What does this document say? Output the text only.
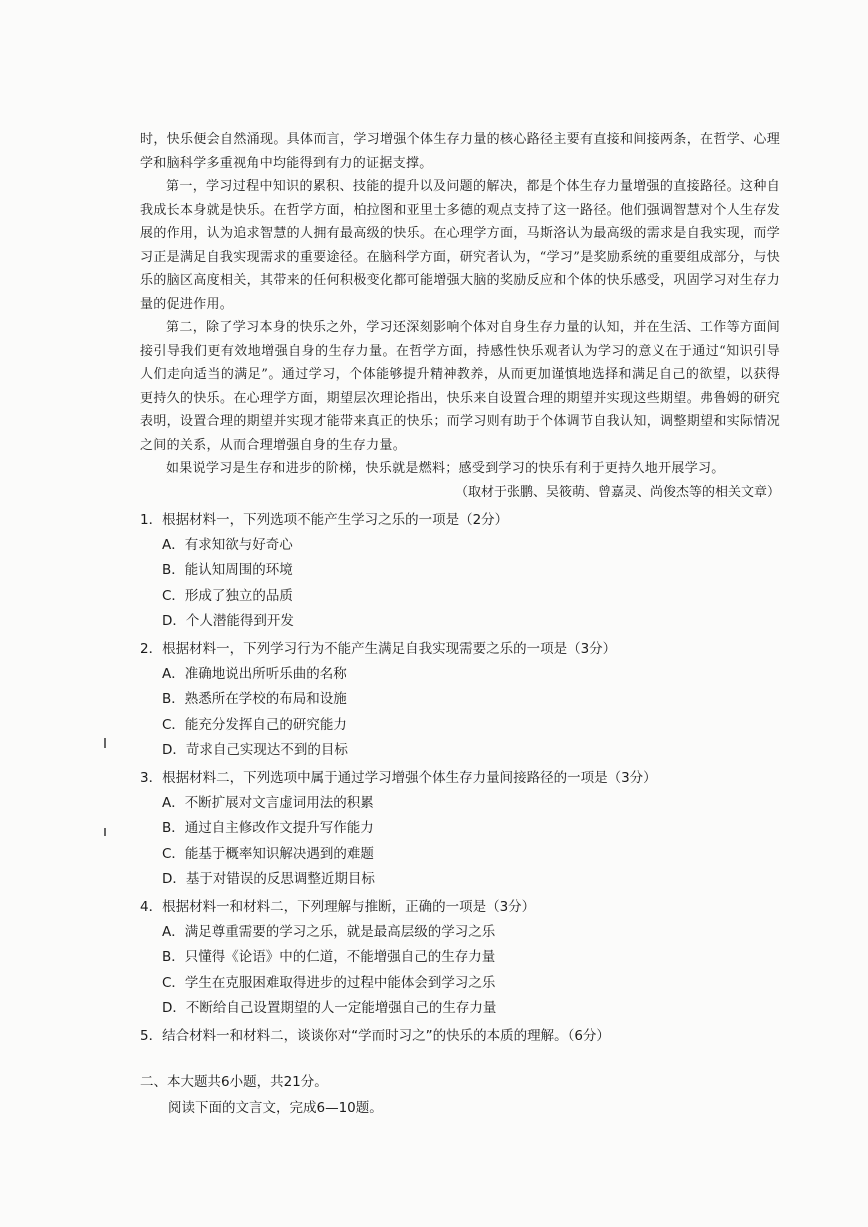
时，快乐便会自然涌现。具体而言，学习增强个体生存力量的核心路径主要有直接和间接两条，在哲学、心理学和脑科学多重视角中均能得到有力的证据支撑。

第一，学习过程中知识的累积、技能的提升以及问题的解决，都是个体生存力量增强的直接路径。这种自我成长本身就是快乐。在哲学方面，柏拉图和亚里士多德的观点支持了这一路径。他们强调智慧对个人生存发展的作用，认为追求智慧的人拥有最高级的快乐。在心理学方面，马斯洛认为最高级的需求是自我实现，而学习正是满足自我实现需求的重要途径。在脑科学方面，研究者认为，“学习”是奖励系统的重要组成部分，与快乐的脑区高度相关，其带来的任何积极变化都可能增强大脑的奖励反应和个体的快乐感受，巩固学习对生存力量的促进作用。

第二，除了学习本身的快乐之外，学习还深刻影响个体对自身生存力量的认知，并在生活、工作等方面间接引导我们更有效地增强自身的生存力量。在哲学方面，持感性快乐观者认为学习的意义在于通过“知识引导人们走向适当的满足”。通过学习，个体能够提升精神教养，从而更加谨慎地选择和满足自己的欲望，以获得更持久的快乐。在心理学方面，期望层次理论指出，快乐来自设置合理的期望并实现这些期望。弗鲁姆的研究表明，设置合理的期望并实现才能带来真正的快乐；而学习则有助于个体调节自我认知，调整期望和实际情况之间的关系，从而合理增强自身的生存力量。

如果说学习是生存和进步的阶梯，快乐就是燃料；感受到学习的快乐有利于更持久地开展学习。

（取材于张鹏、吴筱萌、曾嘉灵、尚俊杰等的相关文章）

1．根据材料一，下列选项不能产生学习之乐的一项是（2分）
A．有求知欲与好奇心
B．能认知周围的环境
C．形成了独立的品质
D．个人潜能得到开发
2．根据材料一，下列学习行为不能产生满足自我实现需要之乐的一项是（3分）
A．准确地说出所听乐曲的名称
B．熟悉所在学校的布局和设施
C．能充分发挥自己的研究能力
D．苛求自己实现达不到的目标
3．根据材料二，下列选项中属于通过学习增强个体生存力量间接路径的一项是（3分）
A．不断扩展对文言虚词用法的积累
B．通过自主修改作文提升写作能力
C．能基于概率知识解决遇到的难题
D．基于对错误的反思调整近期目标
4．根据材料一和材料二，下列理解与推断，正确的一项是（3分）
A．满足尊重需要的学习之乐，就是最高层级的学习之乐
B．只懂得《论语》中的仁道，不能增强自己的生存力量
C．学生在克服困难取得进步的过程中能体会到学习之乐
D．不断给自己设置期望的人一定能增强自己的生存力量
5．结合材料一和材料二，谈谈你对“学而时习之”的快乐的本质的理解。（6分）
二、本大题共6小题，共21分。
阅读下面的文言文，完成6—10题。
